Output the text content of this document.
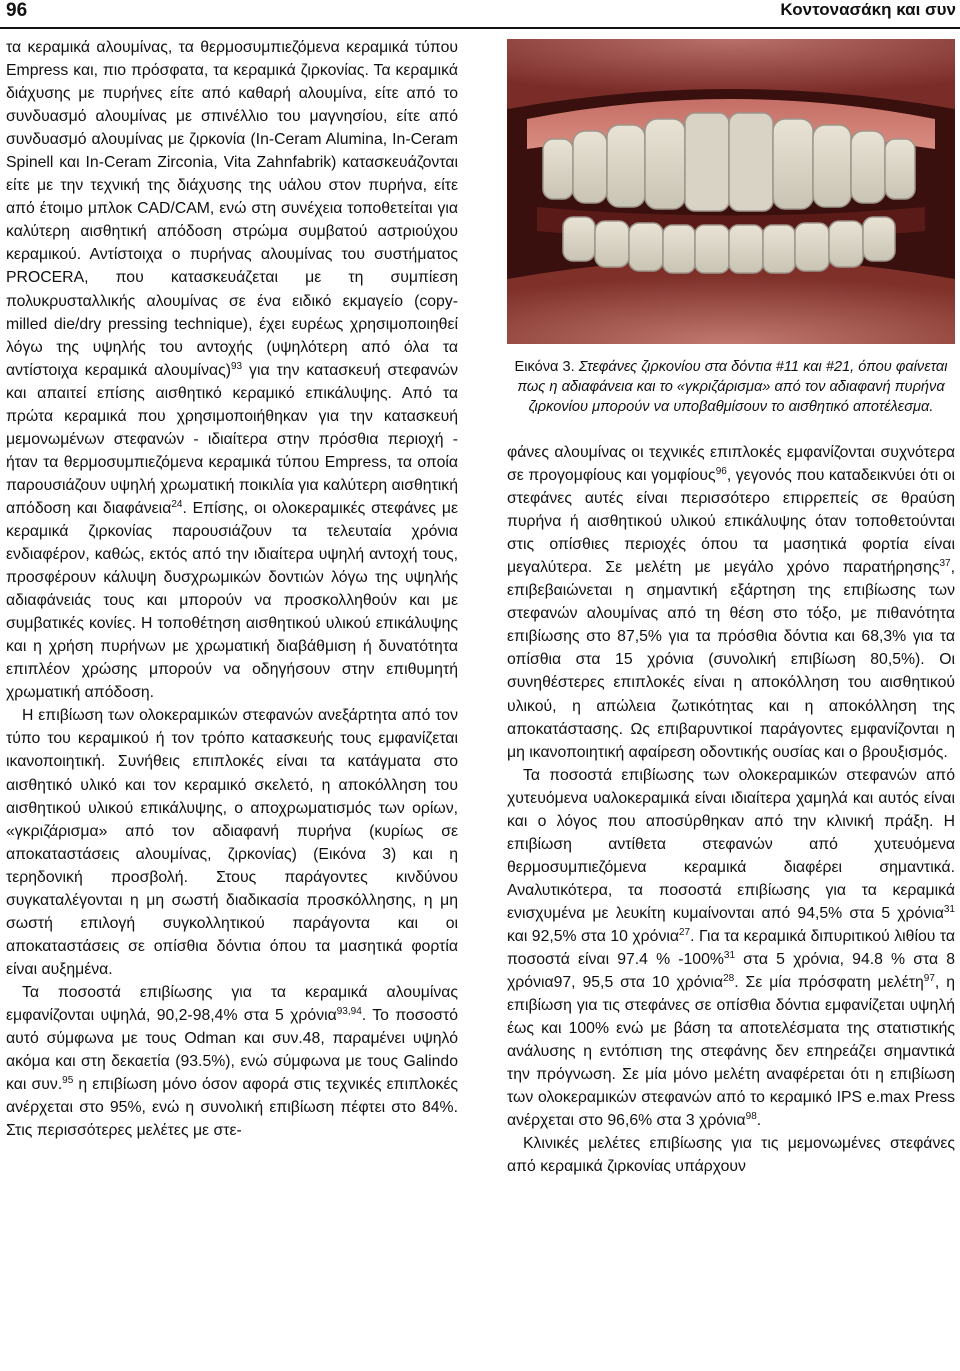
96	Κοντονασάκη και συν

τα κεραμικά αλουμίνας, τα θερμοσυμπιεζόμενα κεραμικά τύπου Empress και, πιο πρόσφατα, τα κεραμικά ζιρκονίας. Τα κεραμικά διάχυσης με πυρήνες είτε από καθαρή αλουμίνα, είτε από το συνδυασμό αλουμίνας με σπινέλλιο του μαγνησίου, είτε από συνδυασμό αλουμίνας με ζιρκονία (In-Ceram Alumina, In-Ceram Spinell και In-Ceram Zirconia, Vita Zahnfabrik) κατασκευάζονται είτε με την τεχνική της διάχυσης της υάλου στον πυρήνα, είτε από έτοιμο μπλοκ CAD/CAM, ενώ στη συνέχεια τοποθετείται για καλύτερη αισθητική απόδοση στρώμα συμβατού αστριούχου κεραμικού. Αντίστοιχα ο πυρήνας αλουμίνας του συστήματος PROCERA, που κατασκευάζεται με τη συμπίεση πολυκρυσταλλικής αλουμίνας σε ένα ειδικό εκμαγείο (copy-milled die/dry pressing technique), έχει ευρέως χρησιμοποιηθεί λόγω της υψηλής του αντοχής (υψηλότερη από όλα τα αντίστοιχα κεραμικά αλουμίνας)$^{93}$ για την κατασκευή στεφανών και απαιτεί επίσης αισθητικό κεραμικό επικάλυψης. Από τα πρώτα κεραμικά που χρησιμοποιήθηκαν για την κατασκευή μεμονωμένων στεφανών - ιδιαίτερα στην πρόσθια περιοχή - ήταν τα θερμοσυμπιεζόμενα κεραμικά τύπου Empress, τα οποία παρουσιάζουν υψηλή χρωματική ποικιλία για καλύτερη αισθητική απόδοση και διαφάνεια$^{24}$. Επίσης, οι ολοκεραμικές στεφάνες με κεραμικά ζιρκονίας παρουσιάζουν τα τελευταία χρόνια ενδιαφέρον, καθώς, εκτός από την ιδιαίτερα υψηλή αντοχή τους, προσφέρουν κάλυψη δυσχρωμικών δοντιών λόγω της υψηλής αδιαφάνειάς τους και μπορούν να προσκολληθούν και με συμβατικές κονίες. Η τοποθέτηση αισθητικού υλικού επικάλυψης και η χρήση πυρήνων με χρωματική διαβάθμιση ή δυνατότητα επιπλέον χρώσης μπορούν να οδηγήσουν στην επιθυμητή χρωματική απόδοση.

Η επιβίωση των ολοκεραμικών στεφανών ανεξάρτητα από τον τύπο του κεραμικού ή τον τρόπο κατασκευής τους εμφανίζεται ικανοποιητική. Συνήθεις επιπλοκές είναι τα κατάγματα στο αισθητικό υλικό και τον κεραμικό σκελετό, η αποκόλληση του αισθητικού υλικού επικάλυψης, ο αποχρωματισμός των ορίων, «γκριζάρισμα» από τον αδιαφανή πυρήνα (κυρίως σε αποκαταστάσεις αλουμίνας, ζιρκονίας) (Εικόνα 3) και η τερηδονική προσβολή. Στους παράγοντες κινδύνου συγκαταλέγονται η μη σωστή διαδικασία προσκόλλησης, η μη σωστή επιλογή συγκολλητικού παράγοντα και οι αποκαταστάσεις σε οπίσθια δόντια όπου τα μασητικά φορτία είναι αυξημένα.

Τα ποσοστά επιβίωσης για τα κεραμικά αλουμίνας εμφανίζονται υψηλά, 90,2-98,4% στα 5 χρόνια$^{93,94}$. Το ποσοστό αυτό σύμφωνα με τους Odman και συν.48, παραμένει υψηλό ακόμα και στη δεκαετία (93.5%), ενώ σύμφωνα με τους Galindo και συν.$^{95}$ η επιβίωση μόνο όσον αφορά στις τεχνικές επιπλοκές ανέρχεται στο 95%, ενώ η συνολική επιβίωση πέφτει στο 84%. Στις περισσότερες μελέτες με στε-

Εικόνα 3. Στεφάνες ζιρκονίου στα δόντια #11 και #21, όπου φαίνεται πως η αδιαφάνεια και το «γκριζάρισμα» από τον αδιαφανή πυρήνα ζιρκονίου μπορούν να υποβαθμίσουν το αισθητικό αποτέλεσμα.

φάνες αλουμίνας οι τεχνικές επιπλοκές εμφανίζονται συχνότερα σε προγομφίους και γομφίους$^{96}$, γεγονός που καταδεικνύει ότι οι στεφάνες αυτές είναι περισσότερο επιρρεπείς σε θραύση πυρήνα ή αισθητικού υλικού επικάλυψης όταν τοποθετούνται στις οπίσθιες περιοχές όπου τα μασητικά φορτία είναι μεγαλύτερα. Σε μελέτη με μεγάλο χρόνο παρατήρησης$^{37}$, επιβεβαιώνεται η σημαντική εξάρτηση της επιβίωσης των στεφανών αλουμίνας από τη θέση στο τόξο, με πιθανότητα επιβίωσης στο 87,5% για τα πρόσθια δόντια και 68,3% για τα οπίσθια στα 15 χρόνια (συνολική επιβίωση 80,5%). Οι συνηθέστερες επιπλοκές είναι η αποκόλληση του αισθητικού υλικού, η απώλεια ζωτικότητας και η αποκόλληση της αποκατάστασης. Ως επιβαρυντικοί παράγοντες εμφανίζονται η μη ικανοποιητική αφαίρεση οδοντικής ουσίας και ο βρουξισμός.

Τα ποσοστά επιβίωσης των ολοκεραμικών στεφανών από χυτευόμενα υαλοκεραμικά είναι ιδιαίτερα χαμηλά και αυτός είναι και ο λόγος που αποσύρθηκαν από την κλινική πράξη. Η επιβίωση αντίθετα στεφανών από χυτευόμενα θερμοσυμπιεζόμενα κεραμικά διαφέρει σημαντικά. Αναλυτικότερα, τα ποσοστά επιβίωσης για τα κεραμικά ενισχυμένα με λευκίτη κυμαίνονται από 94,5% στα 5 χρόνια$^{31}$ και 92,5% στα 10 χρόνια$^{27}$. Για τα κεραμικά διπυριτικού λιθίου τα ποσοστά είναι 97.4 % -100%$^{31}$ στα 5 χρόνια, 94.8 % στα 8 χρόνια97, 95,5 στα 10 χρόνια$^{28}$. Σε μία πρόσφατη μελέτη$^{97}$, η επιβίωση για τις στεφάνες σε οπίσθια δόντια εμφανίζεται υψηλή έως και 100% ενώ με βάση τα αποτελέσματα της στατιστικής ανάλυσης η εντόπιση της στεφάνης δεν επηρεάζει σημαντικά την πρόγνωση. Σε μία μόνο μελέτη αναφέρεται ότι η επιβίωση των ολοκεραμικών στεφανών από το κεραμικό IPS e.max Press ανέρχεται στο 96,6% στα 3 χρόνια$^{98}$.

Κλινικές μελέτες επιβίωσης για τις μεμονωμένες στεφάνες από κεραμικά ζιρκονίας υπάρχουν
